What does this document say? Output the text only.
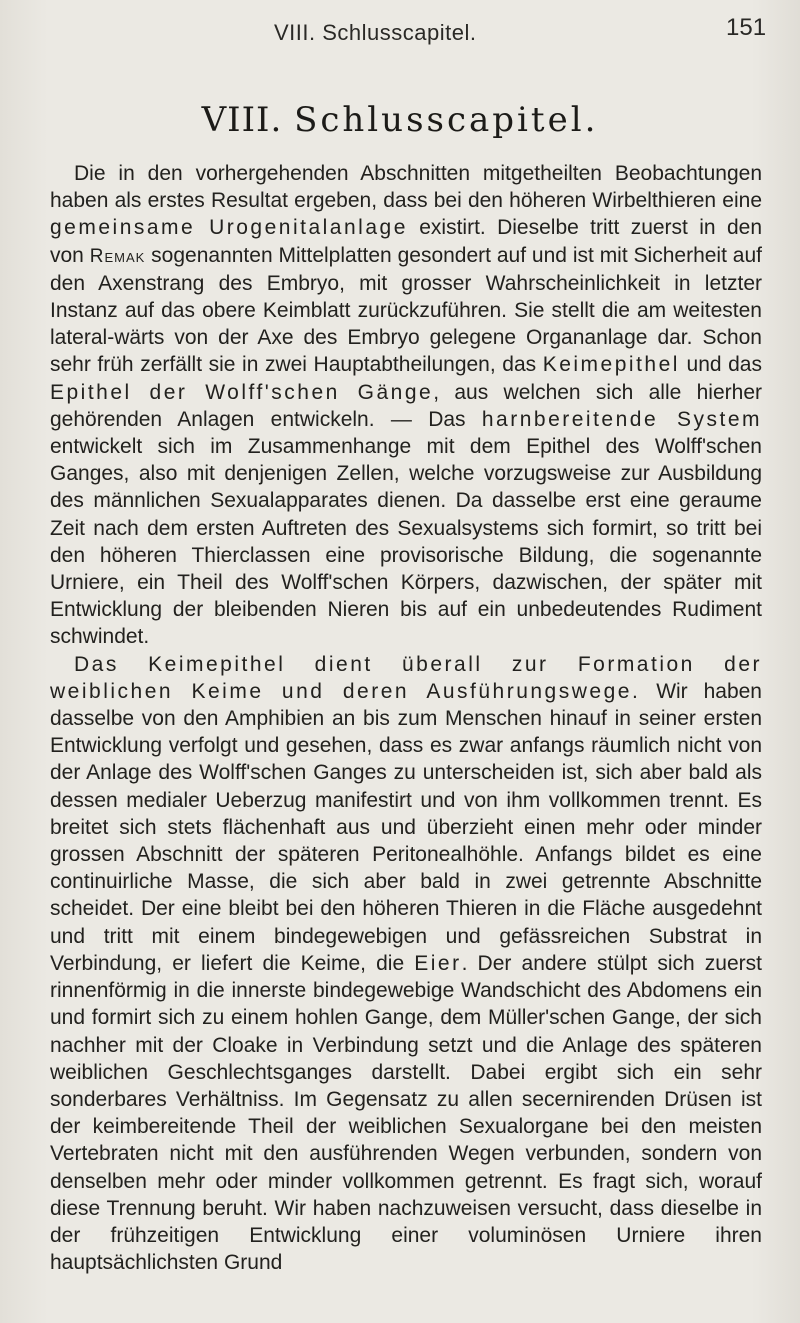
VIII. Schlusscapitel.	151
VIII. Schlusscapitel.

Die in den vorhergehenden Abschnitten mitgetheilten Beobachtungen haben als erstes Resultat ergeben, dass bei den höheren Wirbelthieren eine gemeinsame Urogenitalanlage existirt. Dieselbe tritt zuerst in den von Remak sogenannten Mittelplatten gesondert auf und ist mit Sicherheit auf den Axenstrang des Embryo, mit grosser Wahrscheinlichkeit in letzter Instanz auf das obere Keimblatt zurückzuführen. Sie stellt die am weitesten lateral-wärts von der Axe des Embryo gelegene Organanlage dar. Schon sehr früh zerfällt sie in zwei Hauptabtheilungen, das Keimepithel und das Epithel der Wolff'schen Gänge, aus welchen sich alle hierher gehörenden Anlagen entwickeln. — Das harnbereitende System entwickelt sich im Zusammenhange mit dem Epithel des Wolff'schen Ganges, also mit denjenigen Zellen, welche vorzugsweise zur Ausbildung des männlichen Sexualapparates dienen. Da dasselbe erst eine geraume Zeit nach dem ersten Auftreten des Sexualsystems sich formirt, so tritt bei den höheren Thierclassen eine provisorische Bildung, die sogenannte Urniere, ein Theil des Wolff'schen Körpers, dazwischen, der später mit Entwicklung der bleibenden Nieren bis auf ein unbedeutendes Rudiment schwindet.

Das Keimepithel dient überall zur Formation der weiblichen Keime und deren Ausführungswege. Wir haben dasselbe von den Amphibien an bis zum Menschen hinauf in seiner ersten Entwicklung verfolgt und gesehen, dass es zwar anfangs räumlich nicht von der Anlage des Wolff'schen Ganges zu unterscheiden ist, sich aber bald als dessen medialer Ueberzug manifestirt und von ihm vollkommen trennt. Es breitet sich stets flächenhaft aus und überzieht einen mehr oder minder grossen Abschnitt der späteren Peritonealhöhle. Anfangs bildet es eine continuirliche Masse, die sich aber bald in zwei getrennte Abschnitte scheidet. Der eine bleibt bei den höheren Thieren in die Fläche ausgedehnt und tritt mit einem bindegewebigen und gefässreichen Substrat in Verbindung, er liefert die Keime, die Eier. Der andere stülpt sich zuerst rinnenförmig in die innerste bindegewebige Wandschicht des Abdomens ein und formirt sich zu einem hohlen Gange, dem Müller'schen Gange, der sich nachher mit der Cloake in Verbindung setzt und die Anlage des späteren weiblichen Geschlechtsganges darstellt. Dabei ergibt sich ein sehr sonderbares Verhältniss. Im Gegensatz zu allen secernirenden Drüsen ist der keimbereitende Theil der weiblichen Sexualorgane bei den meisten Vertebraten nicht mit den ausführenden Wegen verbunden, sondern von denselben mehr oder minder vollkommen getrennt. Es fragt sich, worauf diese Trennung beruht. Wir haben nachzuweisen versucht, dass dieselbe in der frühzeitigen Entwicklung einer voluminösen Urniere ihren hauptsächlichsten Grund
